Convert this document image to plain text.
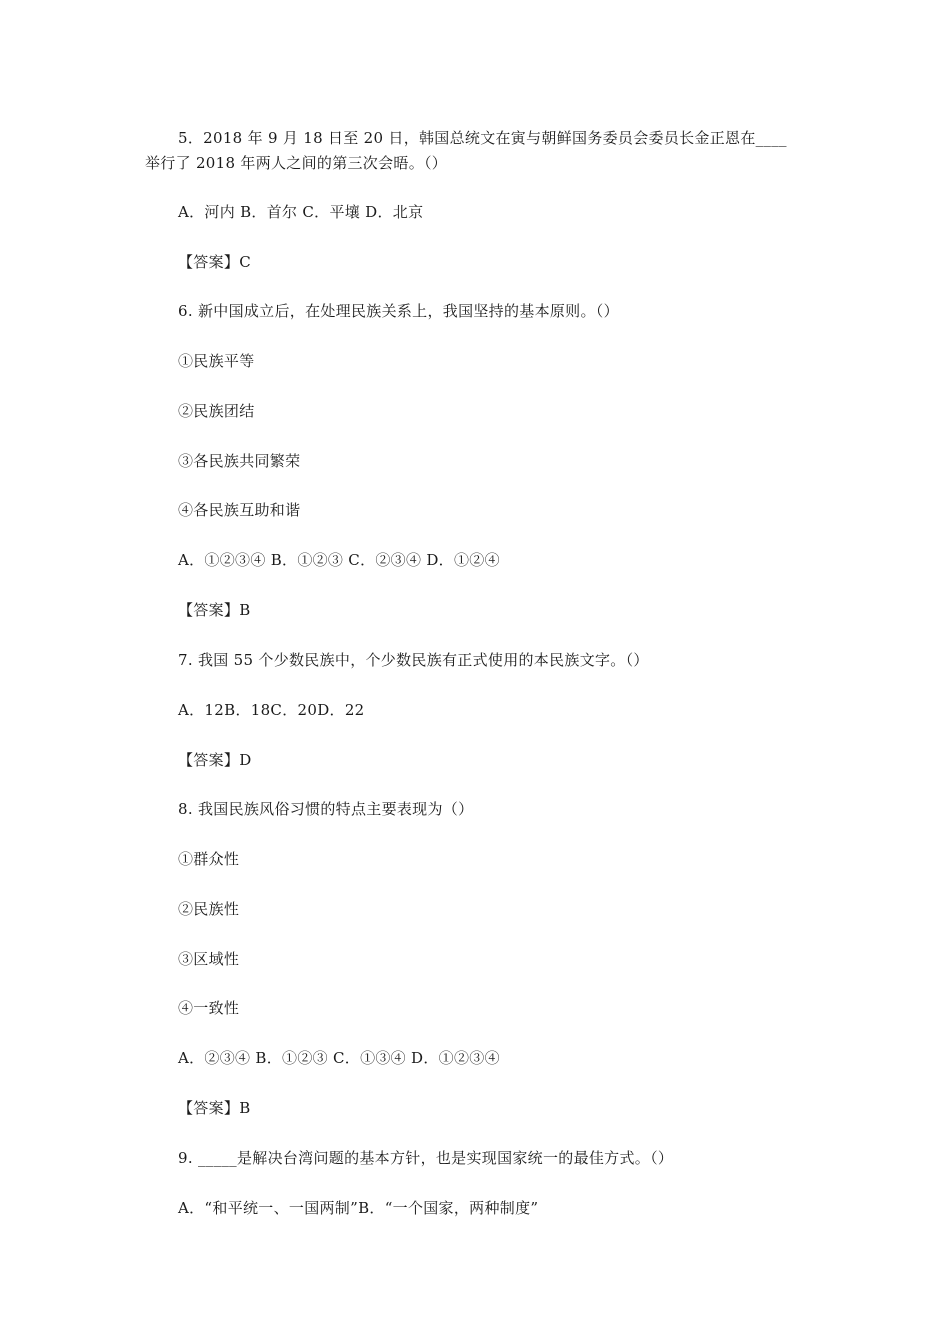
5．2018 年 9 月 18 日至 20 日，韩国总统文在寅与朝鲜国务委员会委员长金正恩在____
举行了 2018 年两人之间的第三次会晤。（）
A．河内 B．首尔 C．平壤 D．北京
【答案】C
6. 新中国成立后，在处理民族关系上，我国坚持的基本原则。（）
①民族平等
②民族团结
③各民族共同繁荣
④各民族互助和谐
A．①②③④ B．①②③ C．②③④ D．①②④
【答案】B
7. 我国 55 个少数民族中，个少数民族有正式使用的本民族文字。（）
A．12B．18C．20D．22
【答案】D
8. 我国民族风俗习惯的特点主要表现为（）
①群众性
②民族性
③区域性
④一致性
A．②③④ B．①②③ C．①③④ D．①②③④
【答案】B
9. _____是解决台湾问题的基本方针，也是实现国家统一的最佳方式。（）
A．“和平统一、一国两制”B．“一个国家，两种制度”
